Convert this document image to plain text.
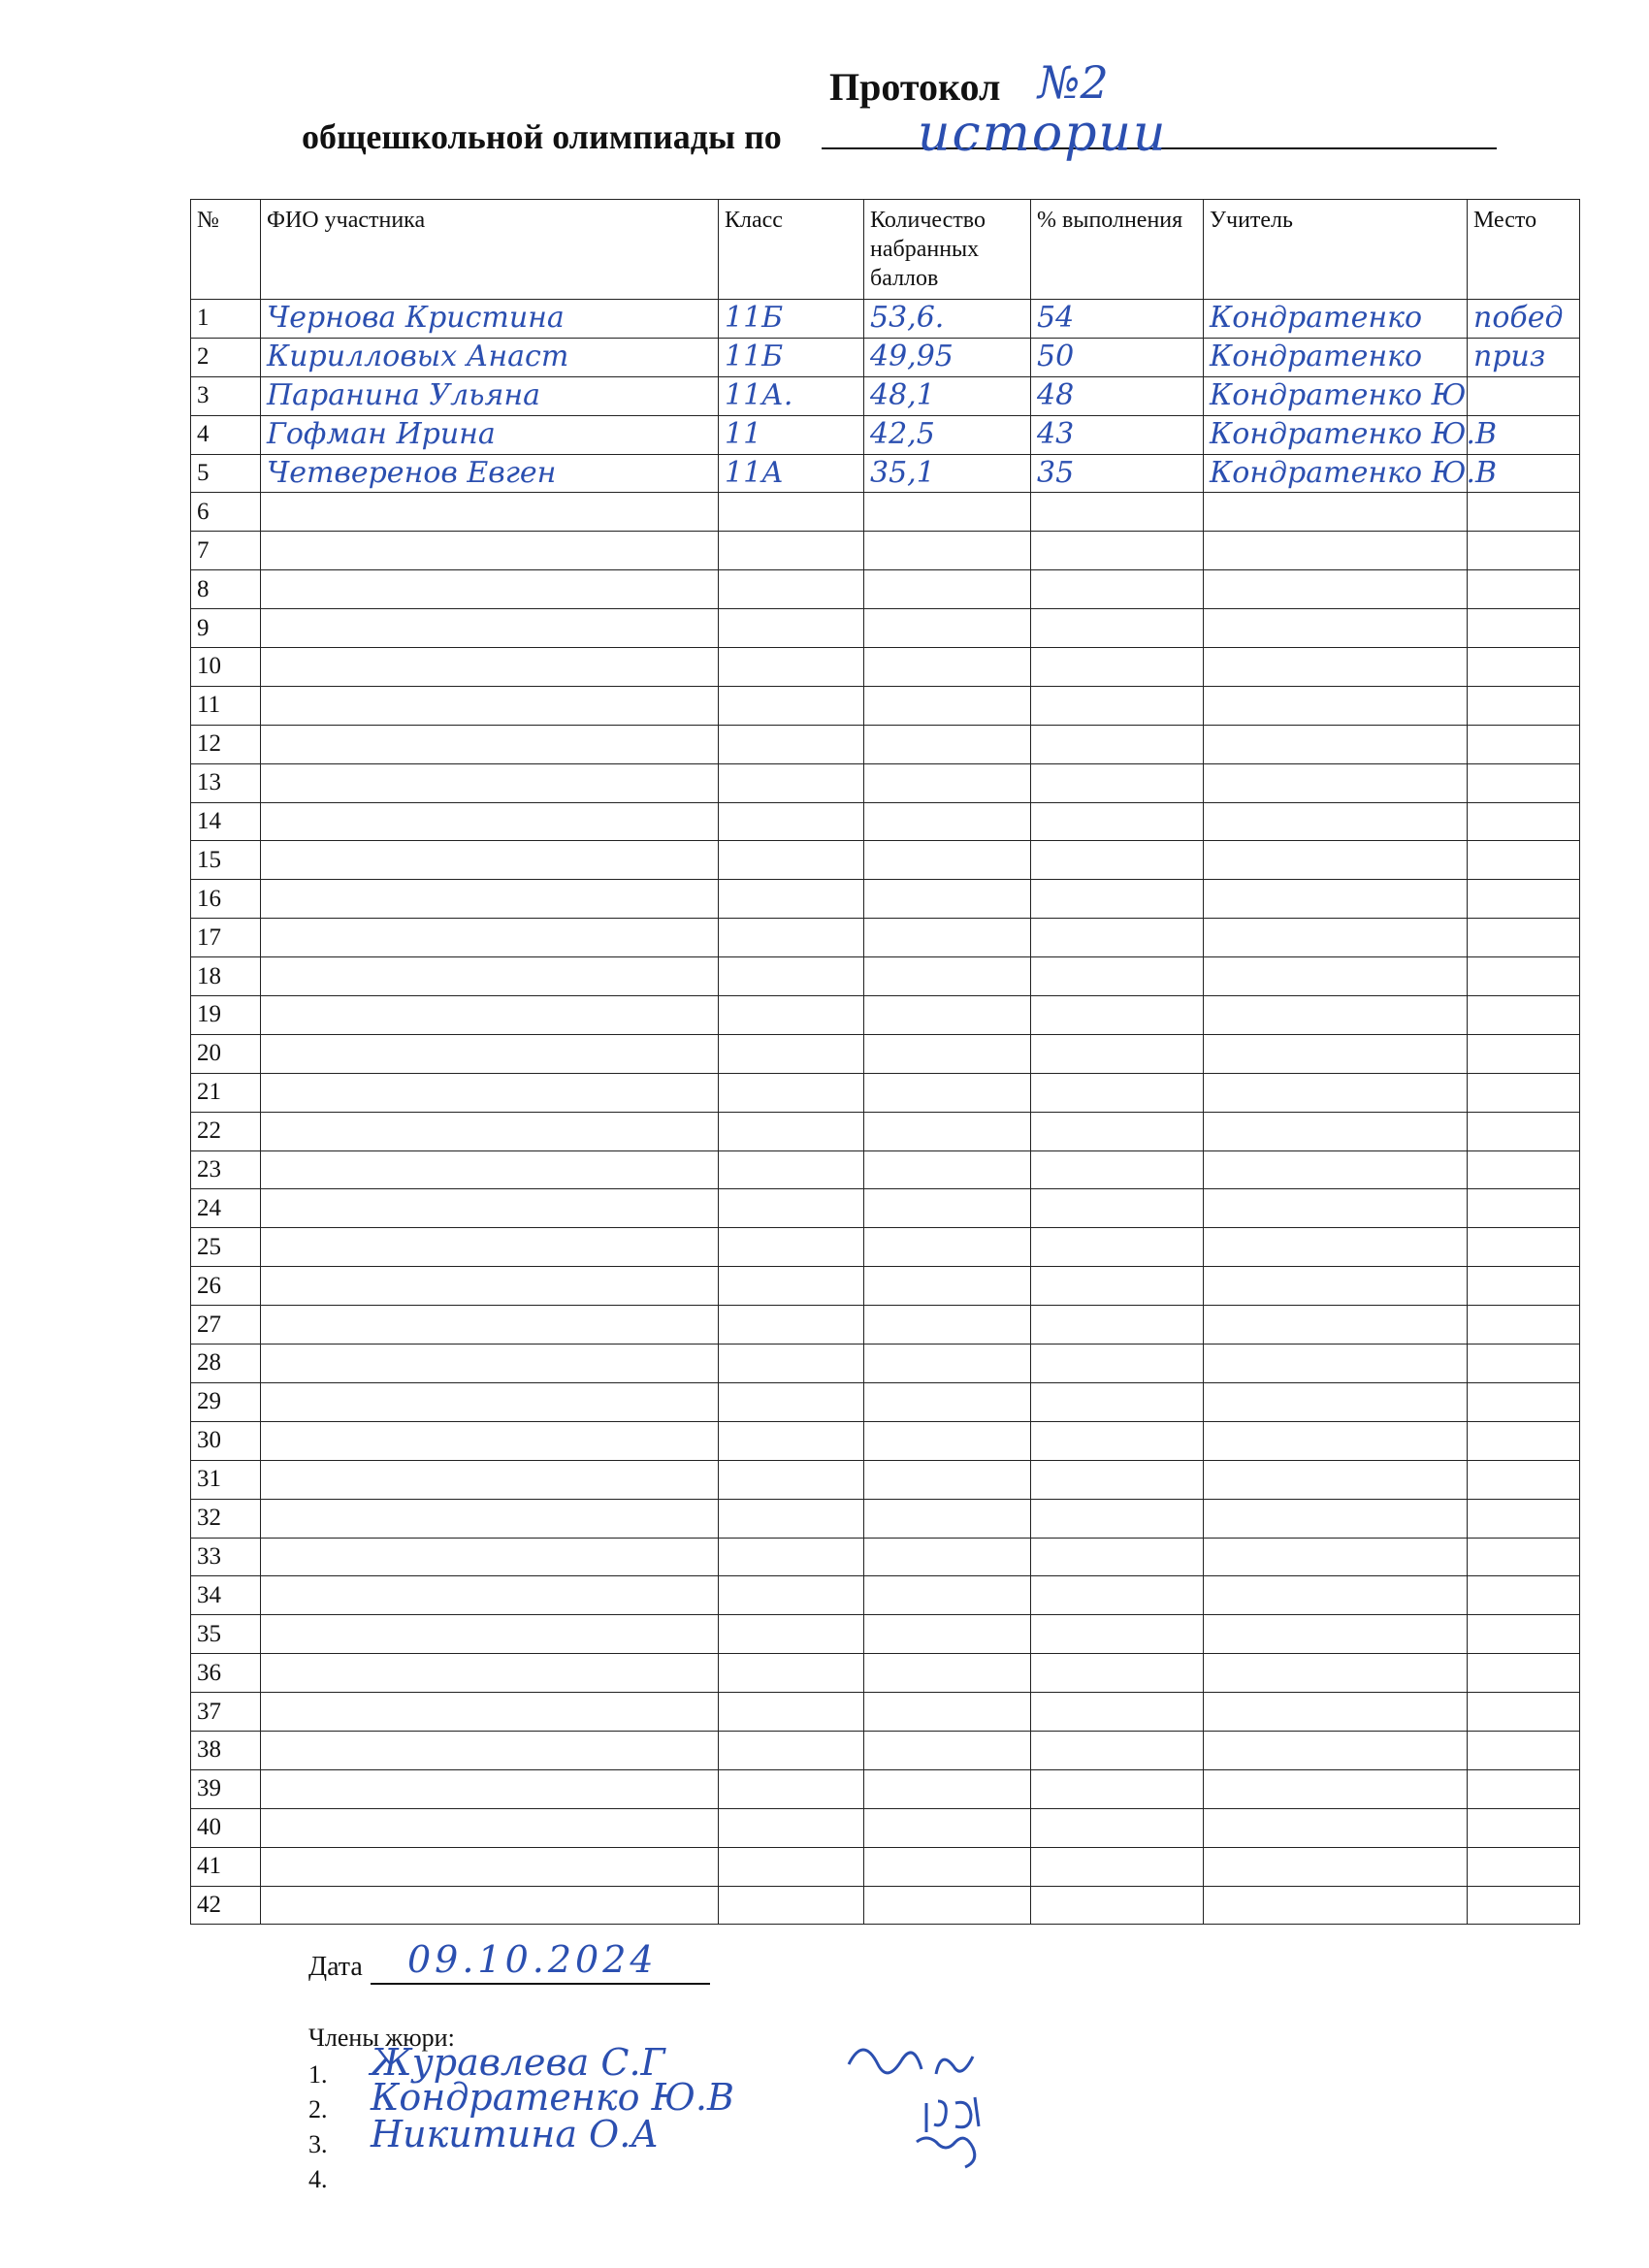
Протокол №2
общешкольной олимпиады по	истории
№	ФИО участника	Класс	Количество набранных баллов	% выполнения	Учитель	Место
1	Чернова Кристина	11Б	53,6.	54	Кондратенко	побед
2	Кирилловых Анаст	11Б	49,95	50	Кондратенко	приз
3	Паранина Ульяна	11А.	48,1	48	Кондратенко Ю	
4	Гофман Ирина	11	42,5	43	Кондратенко Ю.В	
5	Четверенов Евген	11А	35,1	35	Кондратенко Ю.В	
6						
7						
8						
9						
10						
11						
12						
13						
14						
15						
16						
17						
18						
19						
20						
21						
22						
23						
24						
25						
26						
27						
28						
29						
30						
31						
32						
33						
34						
35						
36						
37						
38						
39						
40						
41						
42						
Дата 09.10.2024
Члены жюри:
1. Журавлева С.Г
2. Кондратенко Ю.В
3. Никитина О.А
4.
